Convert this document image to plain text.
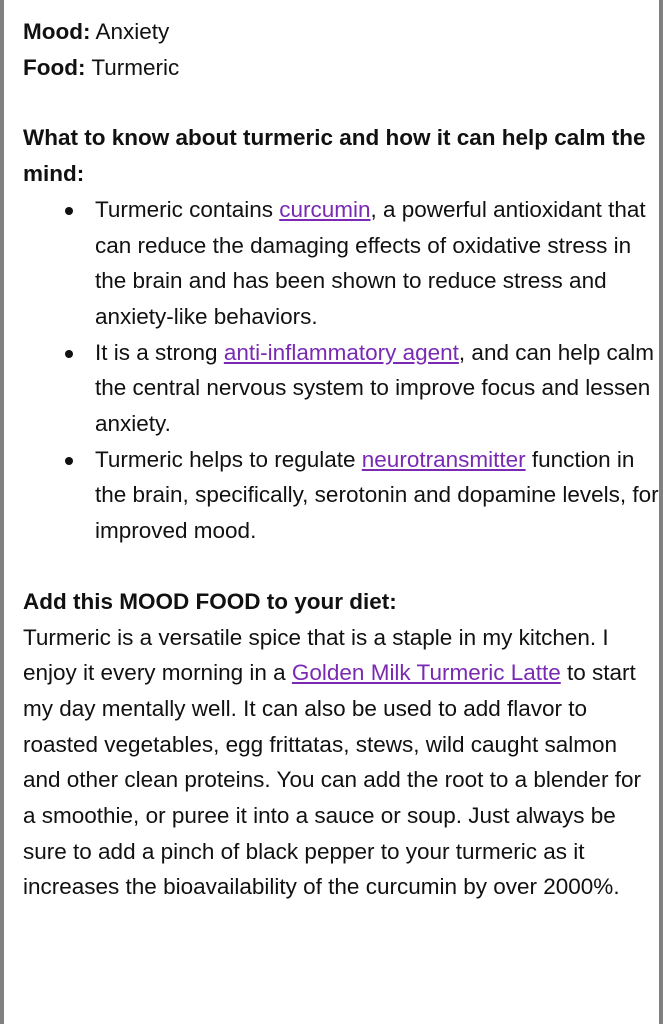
Mood: Anxiety

Food: Turmeric

What to know about turmeric and how it can help calm the mind:

Turmeric contains curcumin, a powerful antioxidant that can reduce the damaging effects of oxidative stress in the brain and has been shown to reduce stress and anxiety-like behaviors.
It is a strong anti-inflammatory agent, and can help calm the central nervous system to improve focus and lessen anxiety.
Turmeric helps to regulate neurotransmitter function in the brain, specifically, serotonin and dopamine levels, for improved mood.

Add this MOOD FOOD to your diet:

Turmeric is a versatile spice that is a staple in my kitchen. I enjoy it every morning in a Golden Milk Turmeric Latte to start my day mentally well. It can also be used to add flavor to roasted vegetables, egg frittatas, stews, wild caught salmon and other clean proteins. You can add the root to a blender for a smoothie, or puree it into a sauce or soup. Just always be sure to add a pinch of black pepper to your turmeric as it increases the bioavailability of the curcumin by over 2000%.
